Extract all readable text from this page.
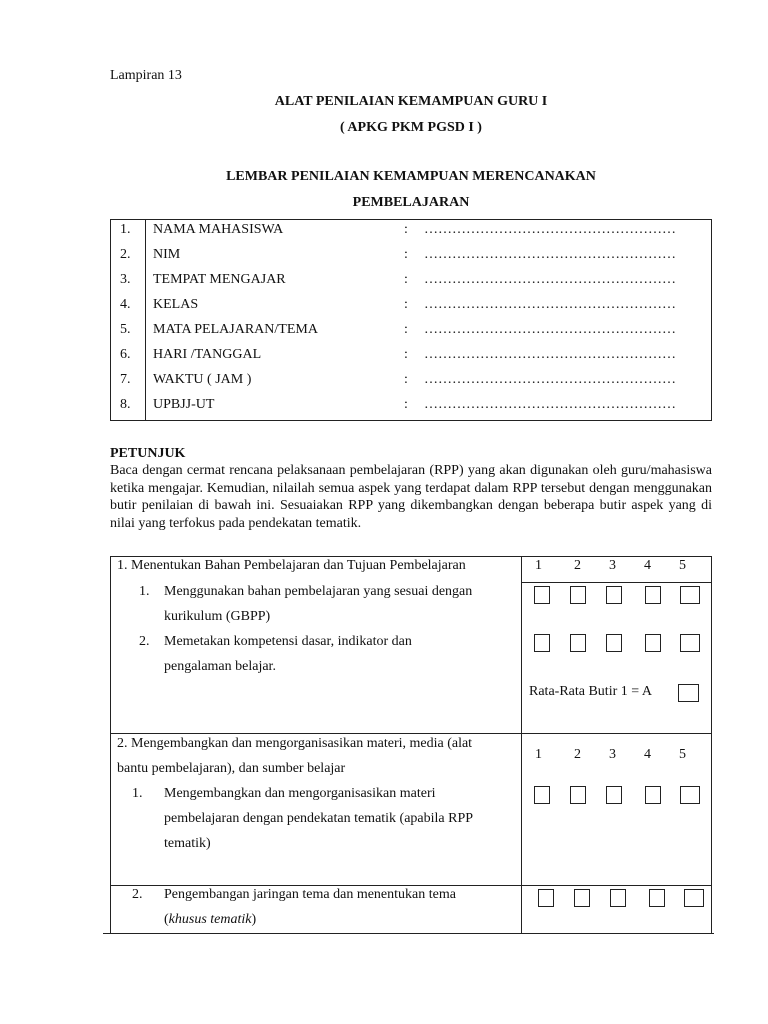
Lampiran 13
ALAT PENILAIAN KEMAMPUAN GURU I
( APKG PKM PGSD I )
LEMBAR PENILAIAN KEMAMPUAN MERENCANAKAN
PEMBELAJARAN
1. NAMA MAHASISWA	: ………………………………………………
2. NIM	: ………………………………………………
3. TEMPAT MENGAJAR	: ………………………………………………
4. KELAS	: ………………………………………………
5. MATA PELAJARAN/TEMA	: ………………………………………………
6. HARI /TANGGAL	: ………………………………………………
7. WAKTU ( JAM )	: ………………………………………………
8. UPBJJ-UT	: ………………………………………………
PETUNJUK
Baca dengan cermat rencana pelaksanaan pembelajaran (RPP) yang akan digunakan oleh guru/mahasiswa ketika mengajar. Kemudian, nilailah semua aspek yang terdapat dalam RPP tersebut dengan menggunakan butir penilaian di bawah ini. Sesuaiakan RPP yang dikembangkan dengan beberapa butir aspek yang di nilai yang terfokus pada pendekatan tematik.
1. Menentukan Bahan Pembelajaran dan Tujuan Pembelajaran	1 2 3 4 5
1. Menggunakan bahan pembelajaran yang sesuai dengan
kurikulum (GBPP)
2. Memetakan kompetensi dasar, indikator dan
pengalaman belajar.
Rata-Rata Butir 1 = A
2. Mengembangkan dan mengorganisasikan materi, media (alat
bantu pembelajaran), dan sumber belajar
1 2 3 4 5
1. Mengembangkan dan mengorganisasikan materi
pembelajaran dengan pendekatan tematik (apabila RPP
tematik)
2. Pengembangan jaringan tema dan menentukan tema
(khusus tematik)
